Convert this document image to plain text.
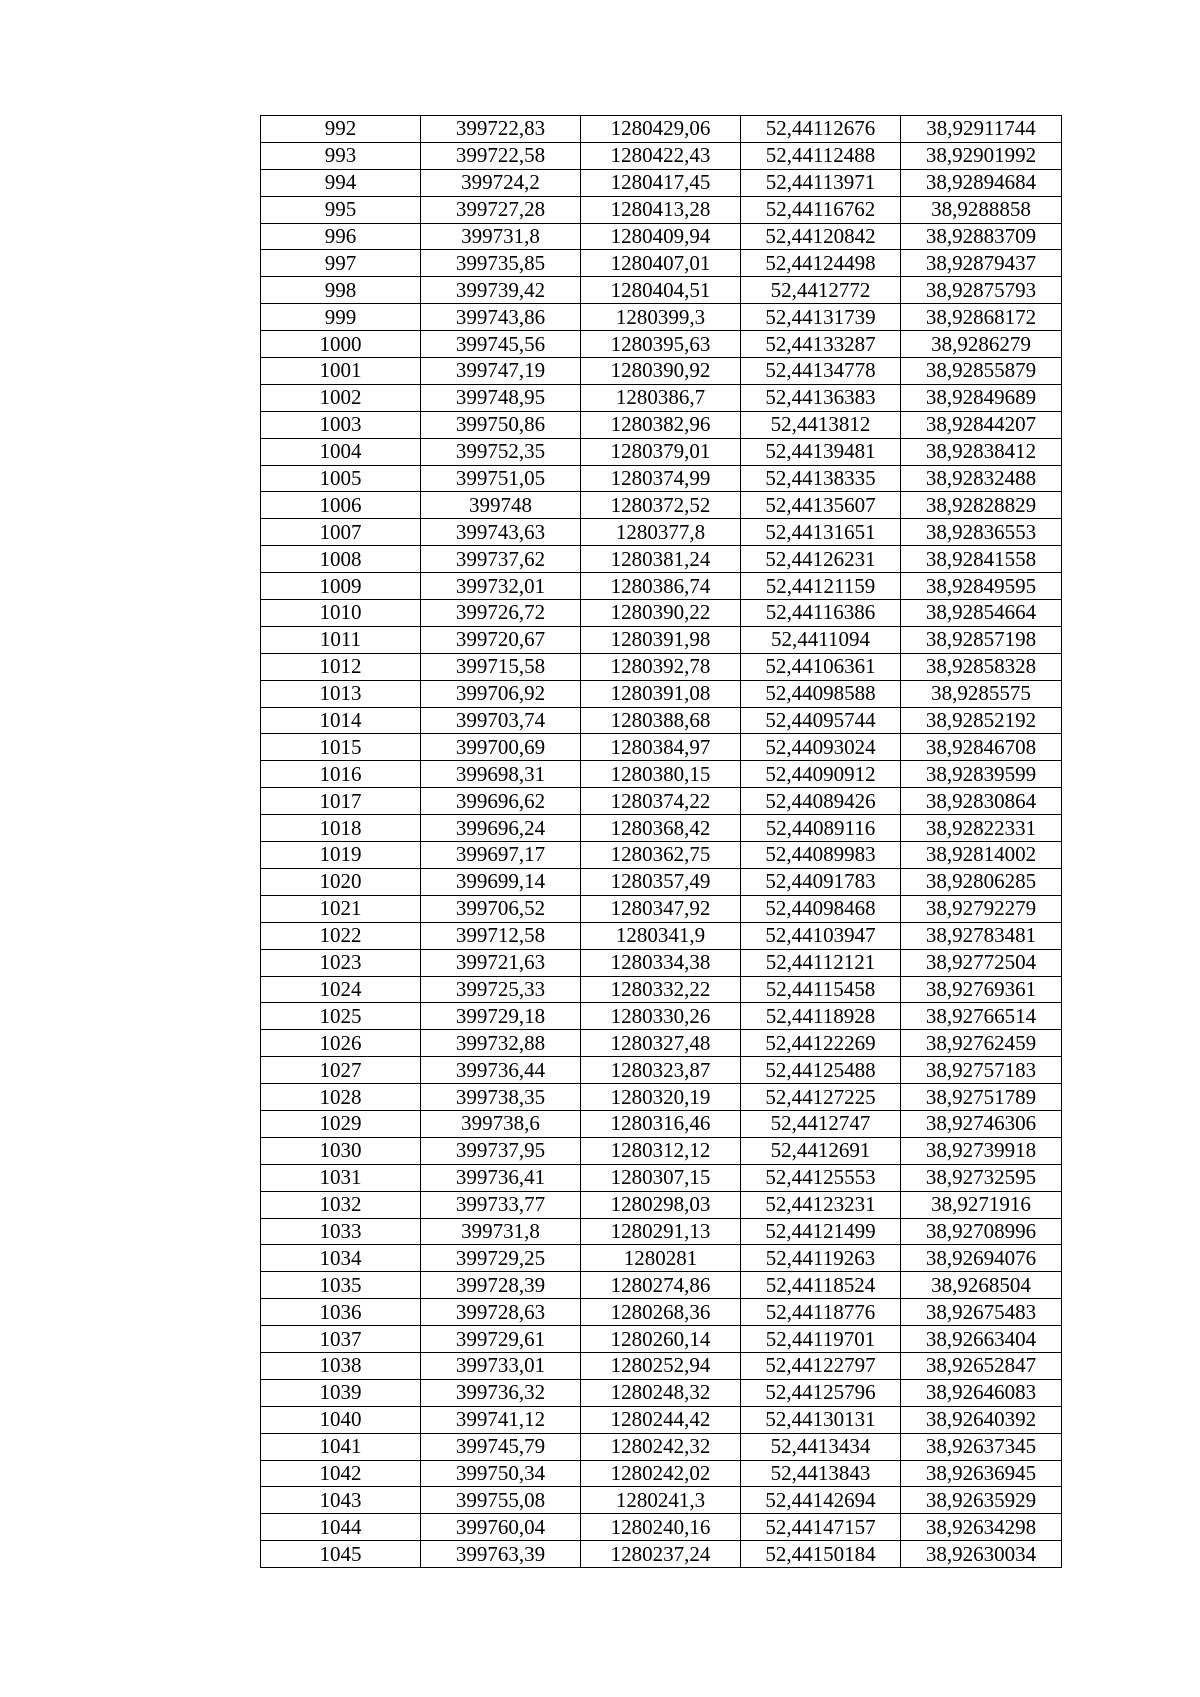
992	399722,83	1280429,06	52,44112676	38,92911744
993	399722,58	1280422,43	52,44112488	38,92901992
994	399724,2	1280417,45	52,44113971	38,92894684
995	399727,28	1280413,28	52,44116762	38,9288858
996	399731,8	1280409,94	52,44120842	38,92883709
997	399735,85	1280407,01	52,44124498	38,92879437
998	399739,42	1280404,51	52,4412772	38,92875793
999	399743,86	1280399,3	52,44131739	38,92868172
1000	399745,56	1280395,63	52,44133287	38,9286279
1001	399747,19	1280390,92	52,44134778	38,92855879
1002	399748,95	1280386,7	52,44136383	38,92849689
1003	399750,86	1280382,96	52,4413812	38,92844207
1004	399752,35	1280379,01	52,44139481	38,92838412
1005	399751,05	1280374,99	52,44138335	38,92832488
1006	399748	1280372,52	52,44135607	38,92828829
1007	399743,63	1280377,8	52,44131651	38,92836553
1008	399737,62	1280381,24	52,44126231	38,92841558
1009	399732,01	1280386,74	52,44121159	38,92849595
1010	399726,72	1280390,22	52,44116386	38,92854664
1011	399720,67	1280391,98	52,4411094	38,92857198
1012	399715,58	1280392,78	52,44106361	38,92858328
1013	399706,92	1280391,08	52,44098588	38,9285575
1014	399703,74	1280388,68	52,44095744	38,92852192
1015	399700,69	1280384,97	52,44093024	38,92846708
1016	399698,31	1280380,15	52,44090912	38,92839599
1017	399696,62	1280374,22	52,44089426	38,92830864
1018	399696,24	1280368,42	52,44089116	38,92822331
1019	399697,17	1280362,75	52,44089983	38,92814002
1020	399699,14	1280357,49	52,44091783	38,92806285
1021	399706,52	1280347,92	52,44098468	38,92792279
1022	399712,58	1280341,9	52,44103947	38,92783481
1023	399721,63	1280334,38	52,44112121	38,92772504
1024	399725,33	1280332,22	52,44115458	38,92769361
1025	399729,18	1280330,26	52,44118928	38,92766514
1026	399732,88	1280327,48	52,44122269	38,92762459
1027	399736,44	1280323,87	52,44125488	38,92757183
1028	399738,35	1280320,19	52,44127225	38,92751789
1029	399738,6	1280316,46	52,4412747	38,92746306
1030	399737,95	1280312,12	52,4412691	38,92739918
1031	399736,41	1280307,15	52,44125553	38,92732595
1032	399733,77	1280298,03	52,44123231	38,9271916
1033	399731,8	1280291,13	52,44121499	38,92708996
1034	399729,25	1280281	52,44119263	38,92694076
1035	399728,39	1280274,86	52,44118524	38,9268504
1036	399728,63	1280268,36	52,44118776	38,92675483
1037	399729,61	1280260,14	52,44119701	38,92663404
1038	399733,01	1280252,94	52,44122797	38,92652847
1039	399736,32	1280248,32	52,44125796	38,92646083
1040	399741,12	1280244,42	52,44130131	38,92640392
1041	399745,79	1280242,32	52,4413434	38,92637345
1042	399750,34	1280242,02	52,4413843	38,92636945
1043	399755,08	1280241,3	52,44142694	38,92635929
1044	399760,04	1280240,16	52,44147157	38,92634298
1045	399763,39	1280237,24	52,44150184	38,92630034
